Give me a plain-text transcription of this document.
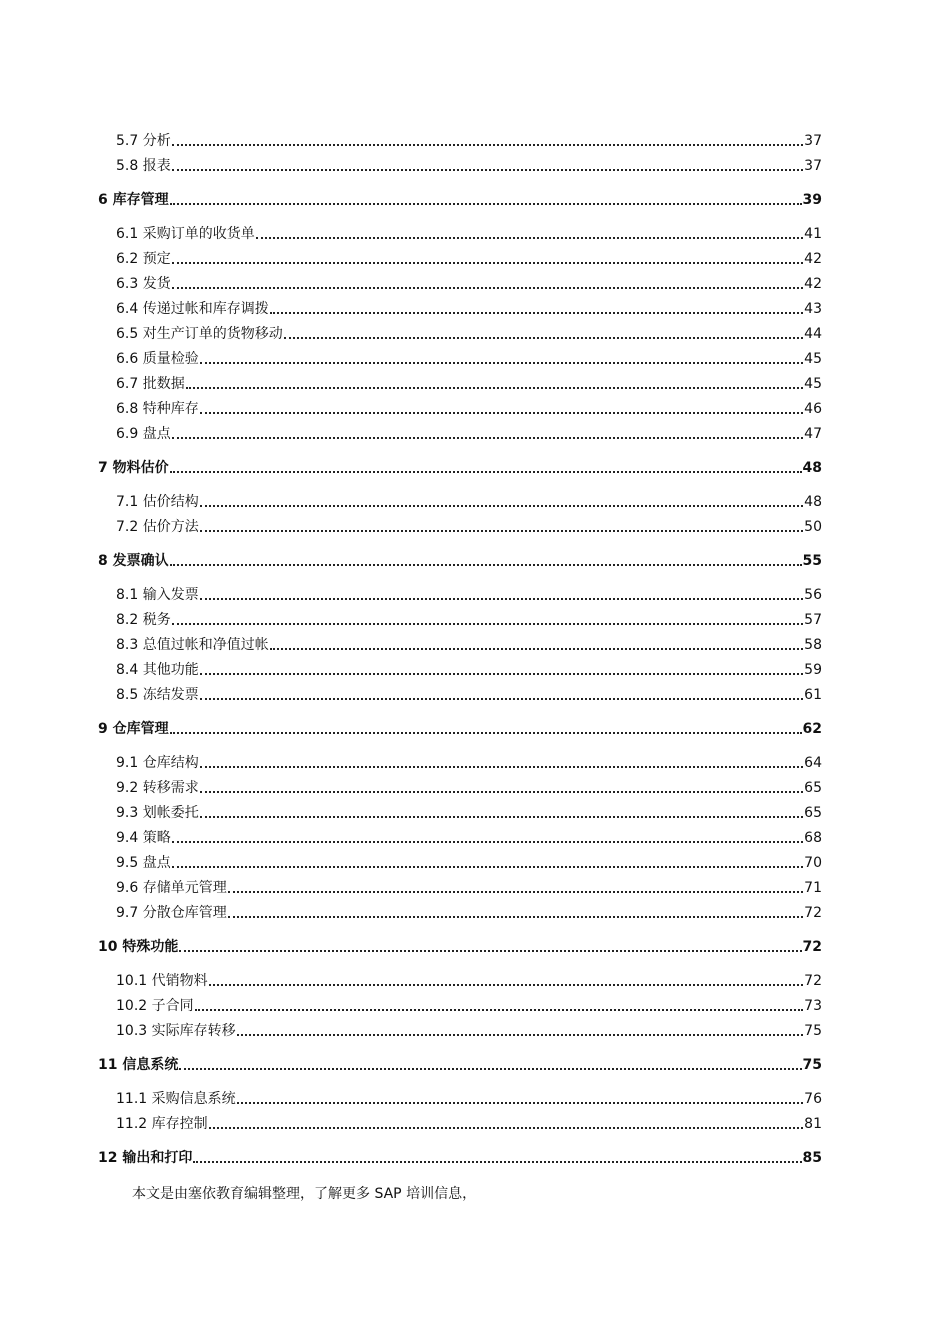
5.7 分析	37
5.8 报表	37
6 库存管理	39
6.1 采购订单的收货单	41
6.2 预定	42
6.3 发货	42
6.4 传递过帐和库存调拨	43
6.5 对生产订单的货物移动	44
6.6 质量检验	45
6.7 批数据	45
6.8 特种库存	46
6.9 盘点	47
7 物料估价	48
7.1 估价结构	48
7.2 估价方法	50
8 发票确认	55
8.1 输入发票	56
8.2 税务	57
8.3 总值过帐和净值过帐	58
8.4 其他功能	59
8.5 冻结发票	61
9 仓库管理	62
9.1 仓库结构	64
9.2 转移需求	65
9.3 划帐委托	65
9.4 策略	68
9.5 盘点	70
9.6 存储单元管理	71
9.7 分散仓库管理	72
10 特殊功能	72
10.1 代销物料	72
10.2 子合同	73
10.3 实际库存转移	75
11 信息系统	75
11.1 采购信息系统	76
11.2 库存控制	81
12 输出和打印	85
本文是由塞依教育编辑整理，了解更多 SAP 培训信息，
